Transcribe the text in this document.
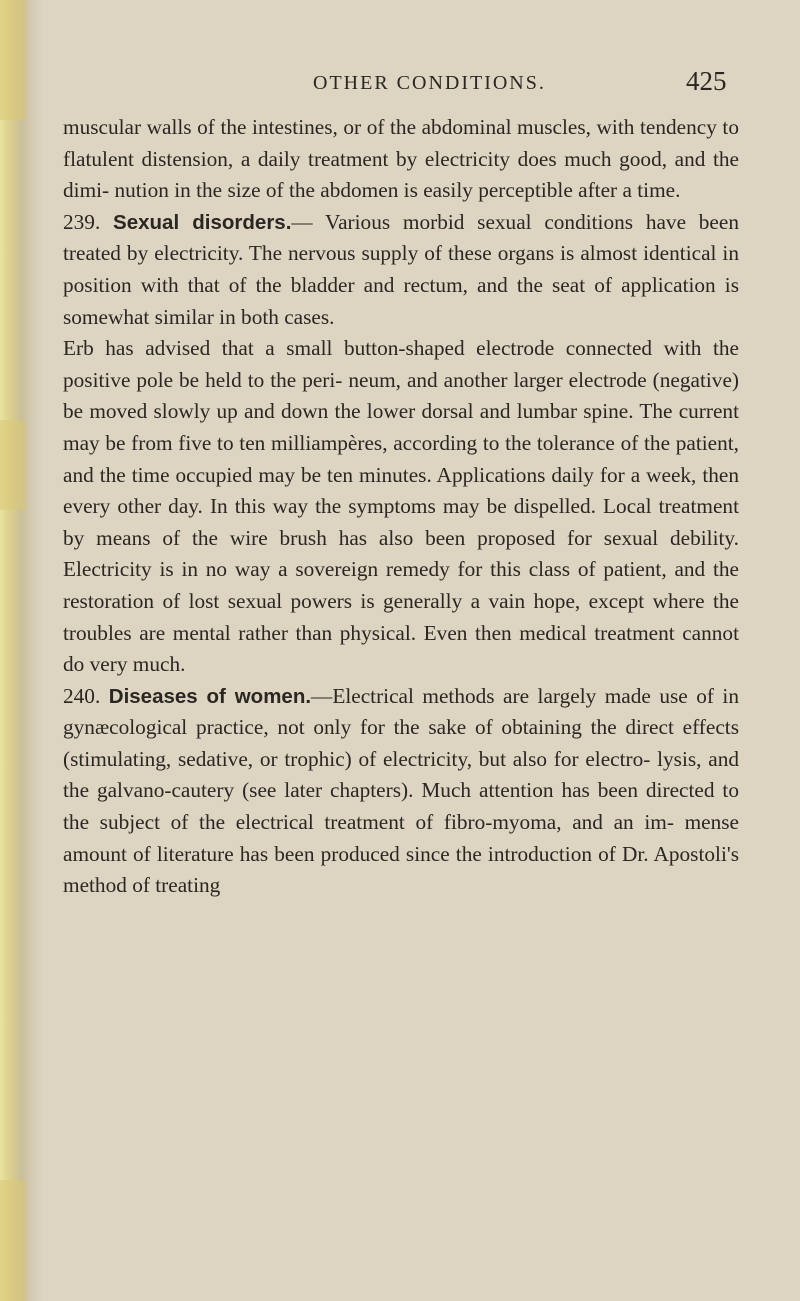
OTHER CONDITIONS.	425

muscular walls of the intestines, or of the abdominal muscles, with tendency to flatulent distension, a daily treatment by electricity does much good, and the dimi- nution in the size of the abdomen is easily perceptible after a time.

239. Sexual disorders.— Various morbid sexual conditions have been treated by electricity. The nervous supply of these organs is almost identical in position with that of the bladder and rectum, and the seat of application is somewhat similar in both cases.

Erb has advised that a small button-shaped electrode connected with the positive pole be held to the peri- neum, and another larger electrode (negative) be moved slowly up and down the lower dorsal and lumbar spine. The current may be from five to ten milliampères, according to the tolerance of the patient, and the time occupied may be ten minutes. Applications daily for a week, then every other day. In this way the symptoms may be dispelled. Local treatment by means of the wire brush has also been proposed for sexual debility. Electricity is in no way a sovereign remedy for this class of patient, and the restoration of lost sexual powers is generally a vain hope, except where the troubles are mental rather than physical. Even then medical treatment cannot do very much.

240. Diseases of women.—Electrical methods are largely made use of in gynæcological practice, not only for the sake of obtaining the direct effects (stimulating, sedative, or trophic) of electricity, but also for electro- lysis, and the galvano-cautery (see later chapters). Much attention has been directed to the subject of the electrical treatment of fibro-myoma, and an im- mense amount of literature has been produced since the introduction of Dr. Apostoli's method of treating
